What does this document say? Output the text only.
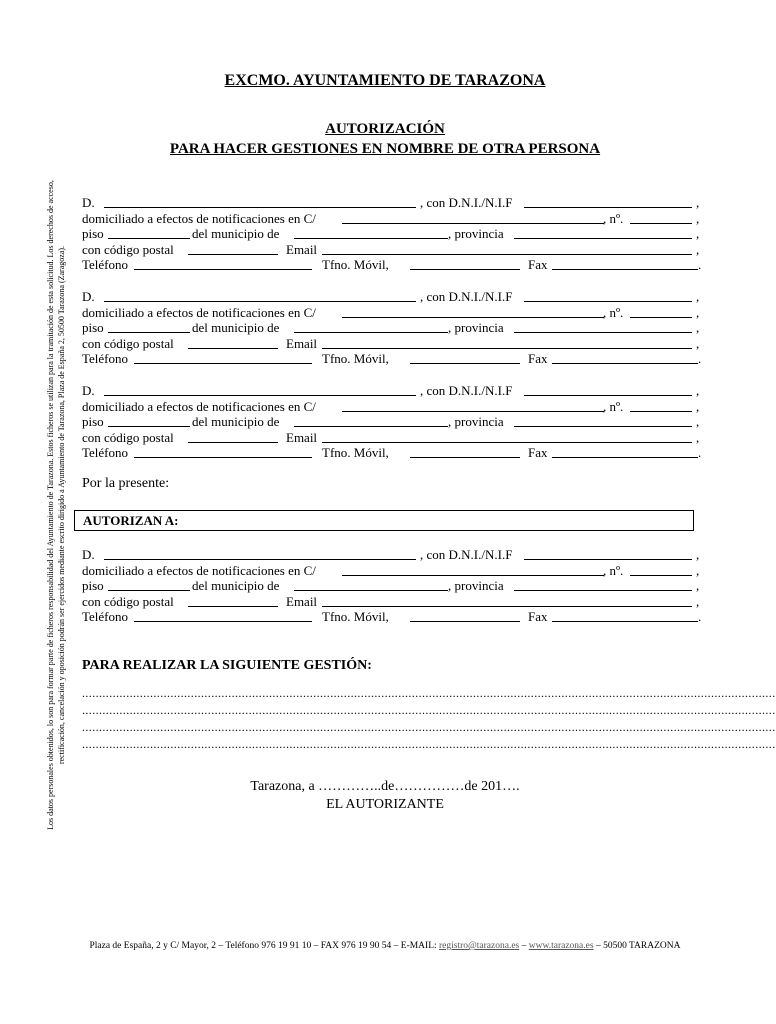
EXCMO. AYUNTAMIENTO DE TARAZONA
AUTORIZACIÓN
PARA HACER GESTIONES EN NOMBRE DE OTRA PERSONA
Los datos personales obtenidos, lo son para formar parte de ficheros responsabilidad del Ayuntamiento de Tarazona. Estos ficheros se utilizan para la tramitación de esta solicitud. Los derechos de acceso, rectificación, cancelación y oposición podrán ser ejercidos mediante escrito dirigido a Ayuntamiento de Tarazona, Plaza de España 2, 50500 Tarazona (Zaragoza).
D.	, con D.N.I./N.I.F	,
domiciliado a efectos de notificaciones en C/	, nº.	,
piso	del municipio de	, provincia	,
con código postal	Email	,
Teléfono	Tfno. Móvil,	Fax	.
D.	, con D.N.I./N.I.F	,
domiciliado a efectos de notificaciones en C/	, nº.	,
piso	del municipio de	, provincia	,
con código postal	Email	,
Teléfono	Tfno. Móvil,	Fax	.
D.	, con D.N.I./N.I.F	,
domiciliado a efectos de notificaciones en C/	, nº.	,
piso	del municipio de	, provincia	,
con código postal	Email	,
Teléfono	Tfno. Móvil,	Fax	.
D.	, con D.N.I./N.I.F	,
domiciliado a efectos de notificaciones en C/	, nº.	,
piso	del municipio de	, provincia	,
con código postal	Email	,
Teléfono	Tfno. Móvil,	Fax	.
Por la presente:
AUTORIZAN A:
PARA REALIZAR LA SIGUIENTE GESTIÓN:
............................................................................................................................................................................................................
............................................................................................................................................................................................................
............................................................................................................................................................................................................
............................................................................................................................................................................................................
Tarazona, a …………..de……………de 201….
EL AUTORIZANTE
Plaza de España, 2 y C/ Mayor, 2 – Teléfono 976 19 91 10 – FAX 976 19 90 54 – E-MAIL: registro@tarazona.es – www.tarazona.es – 50500 TARAZONA
